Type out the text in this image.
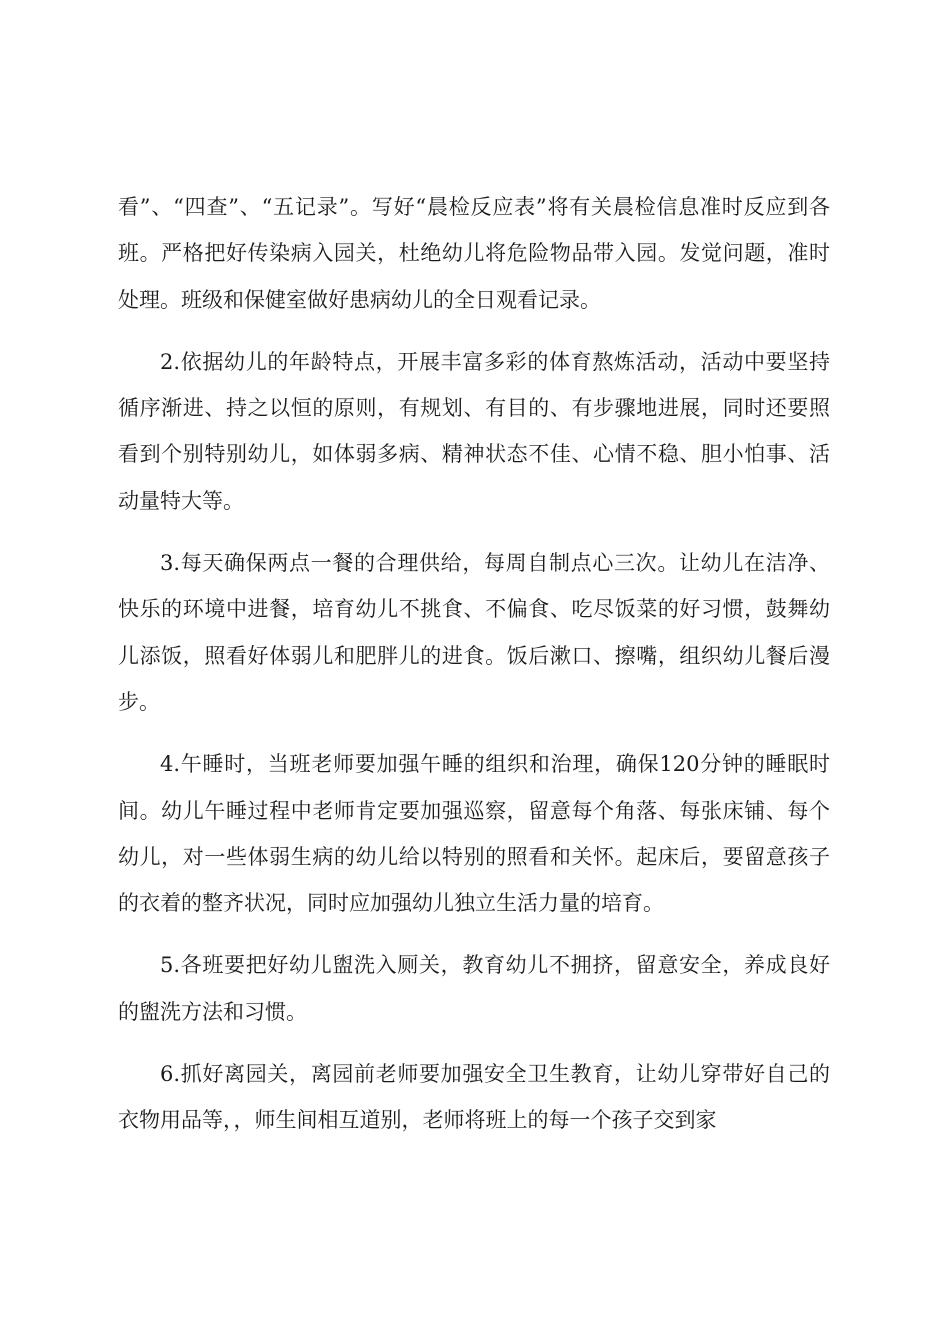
看”、“四查”、“五记录”。写好“晨检反应表”将有关晨检信息准时反应到各班。严格把好传染病入园关，杜绝幼儿将危险物品带入园。发觉问题，准时处理。班级和保健室做好患病幼儿的全日观看记录。

2.依据幼儿的年龄特点，开展丰富多彩的体育熬炼活动，活动中要坚持循序渐进、持之以恒的原则，有规划、有目的、有步骤地进展，同时还要照看到个别特别幼儿，如体弱多病、精神状态不佳、心情不稳、胆小怕事、活动量特大等。

3.每天确保两点一餐的合理供给，每周自制点心三次。让幼儿在洁净、快乐的环境中进餐，培育幼儿不挑食、不偏食、吃尽饭菜的好习惯，鼓舞幼儿添饭，照看好体弱儿和肥胖儿的进食。饭后漱口、擦嘴，组织幼儿餐后漫步。

4.午睡时，当班老师要加强午睡的组织和治理，确保120分钟的睡眠时间。幼儿午睡过程中老师肯定要加强巡察，留意每个角落、每张床铺、每个幼儿，对一些体弱生病的幼儿给以特别的照看和关怀。起床后，要留意孩子的衣着的整齐状况，同时应加强幼儿独立生活力量的培育。

5.各班要把好幼儿盥洗入厕关，教育幼儿不拥挤，留意安全，养成良好的盥洗方法和习惯。

6.抓好离园关，离园前老师要加强安全卫生教育，让幼儿穿带好自己的衣物用品等，，师生间相互道别，老师将班上的每一个孩子交到家
